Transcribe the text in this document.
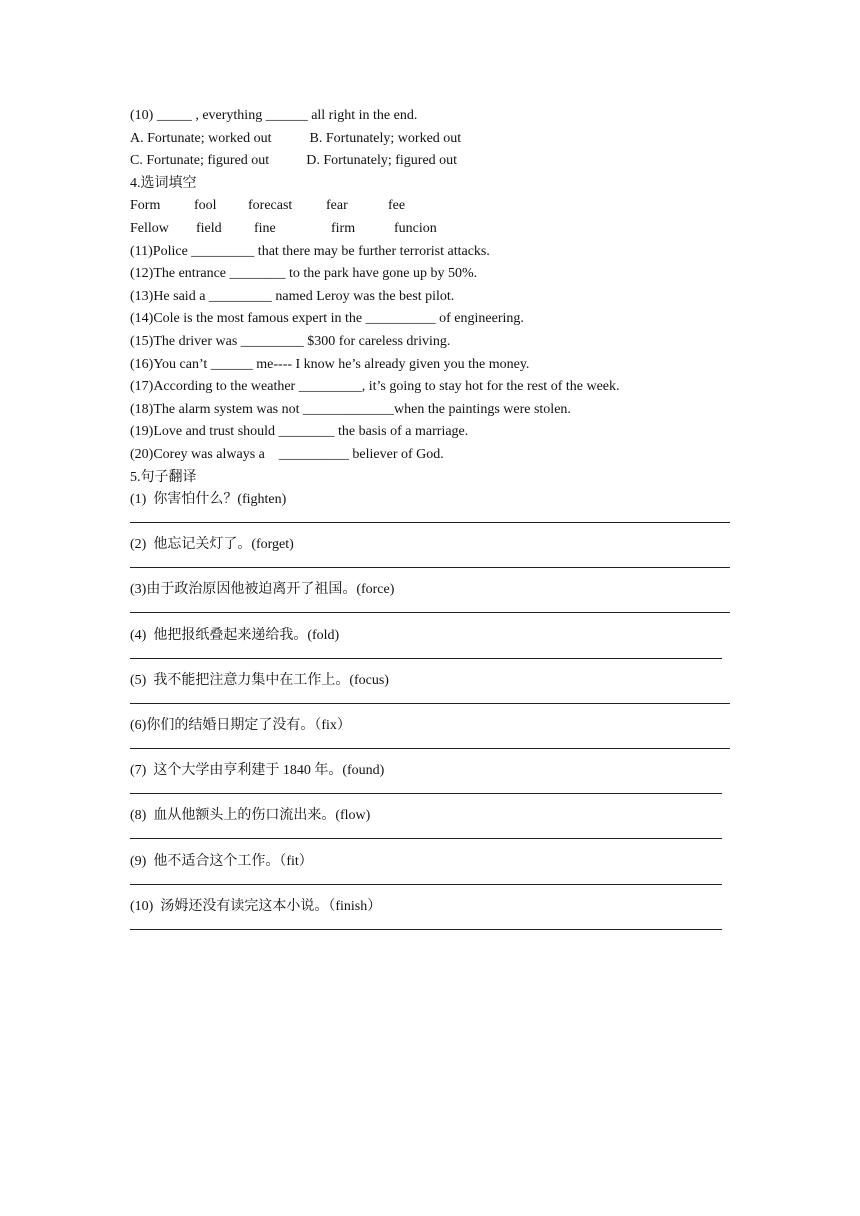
(10) _____ , everything ______ all right in the end.
A. Fortunate; worked out	B. Fortunately; worked out
C. Fortunate; figured out	D. Fortunately; figured out
4.选词填空
Form fool forecast fear	fee
Fellow field fine	firm	funcion
(11)Police _________ that there may be further terrorist attacks.
(12)The entrance ________ to the park have gone up by 50%.
(13)He said a _________ named Leroy was the best pilot.
(14)Cole is the most famous expert in the __________ of engineering.
(15)The driver was _________ $300 for careless driving.
(16)You can’t ______ me---- I know he’s already given you the money.
(17)According to the weather _________, it’s going to stay hot for the rest of the week.
(18)The alarm system was not _____________when the paintings were stolen.
(19)Love and trust should ________ the basis of a marriage.
(20)Corey was always a    __________ believer of God.
5.句子翻译
(1)  你害怕什么？(fighten)
(2)  他忘记关灯了。(forget)
(3)由于政治原因他被迫离开了祖国。(force)
(4)  他把报纸叠起来递给我。(fold)
(5)  我不能把注意力集中在工作上。(focus)
(6)你们的结婚日期定了没有。（fix）
(7)  这个大学由亨利建于 1840 年。(found)
(8)  血从他额头上的伤口流出来。(flow)
(9)  他不适合这个工作。（fit）
(10)  汤姆还没有读完这本小说。（finish）
